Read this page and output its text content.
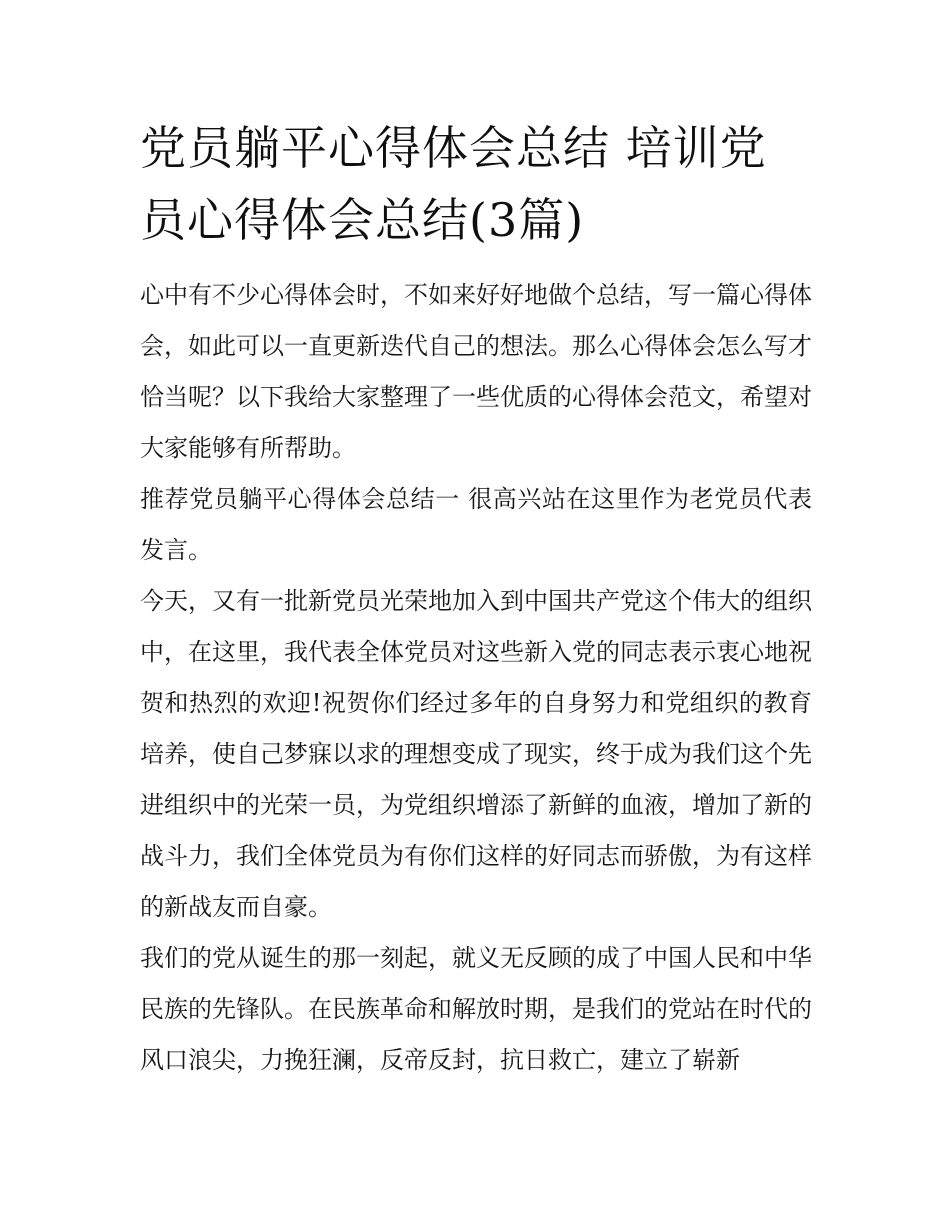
党员躺平心得体会总结 培训党员心得体会总结(3篇)

心中有不少心得体会时，不如来好好地做个总结，写一篇心得体会，如此可以一直更新迭代自己的想法。那么心得体会怎么写才恰当呢？以下我给大家整理了一些优质的心得体会范文，希望对大家能够有所帮助。

推荐党员躺平心得体会总结一 很高兴站在这里作为老党员代表发言。

今天，又有一批新党员光荣地加入到中国共产党这个伟大的组织中，在这里，我代表全体党员对这些新入党的同志表示衷心地祝贺和热烈的欢迎!祝贺你们经过多年的自身努力和党组织的教育培养，使自己梦寐以求的理想变成了现实，终于成为我们这个先进组织中的光荣一员，为党组织增添了新鲜的血液，增加了新的战斗力，我们全体党员为有你们这样的好同志而骄傲，为有这样的新战友而自豪。

我们的党从诞生的那一刻起，就义无反顾的成了中国人民和中华民族的先锋队。在民族革命和解放时期，是我们的党站在时代的风口浪尖，力挽狂澜，反帝反封，抗日救亡，建立了崭新
